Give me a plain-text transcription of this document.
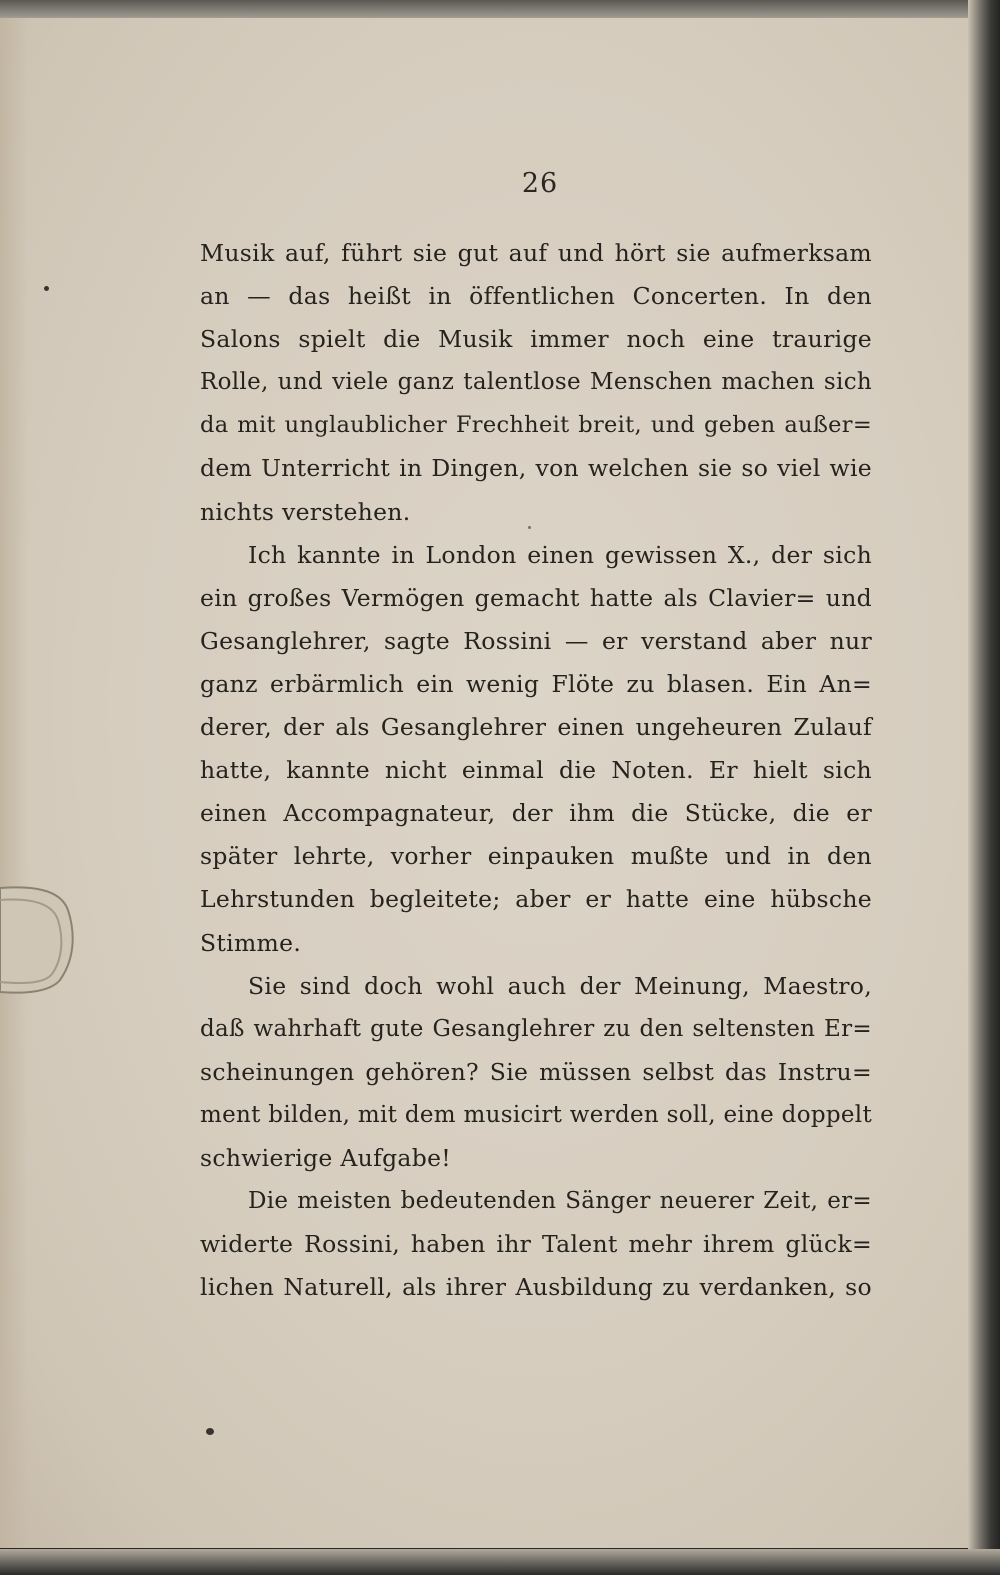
26
Musik auf, führt sie gut auf und hört sie aufmerksam
an — das heißt in öffentlichen Concerten. In den
Salons spielt die Musik immer noch eine traurige
Rolle, und viele ganz talentlose Menschen machen sich
da mit unglaublicher Frechheit breit, und geben außer=
dem Unterricht in Dingen, von welchen sie so viel wie
nichts verstehen.
Ich kannte in London einen gewissen X., der sich
ein großes Vermögen gemacht hatte als Clavier= und
Gesanglehrer, sagte Rossini — er verstand aber nur
ganz erbärmlich ein wenig Flöte zu blasen. Ein An=
derer, der als Gesanglehrer einen ungeheuren Zulauf
hatte, kannte nicht einmal die Noten. Er hielt sich
einen Accompagnateur, der ihm die Stücke, die er
später lehrte, vorher einpauken mußte und in den
Lehrstunden begleitete; aber er hatte eine hübsche
Stimme.
Sie sind doch wohl auch der Meinung, Maestro,
daß wahrhaft gute Gesanglehrer zu den seltensten Er=
scheinungen gehören? Sie müssen selbst das Instru=
ment bilden, mit dem musicirt werden soll, eine doppelt
schwierige Aufgabe!
Die meisten bedeutenden Sänger neuerer Zeit, er=
widerte Rossini, haben ihr Talent mehr ihrem glück=
lichen Naturell, als ihrer Ausbildung zu verdanken, so
